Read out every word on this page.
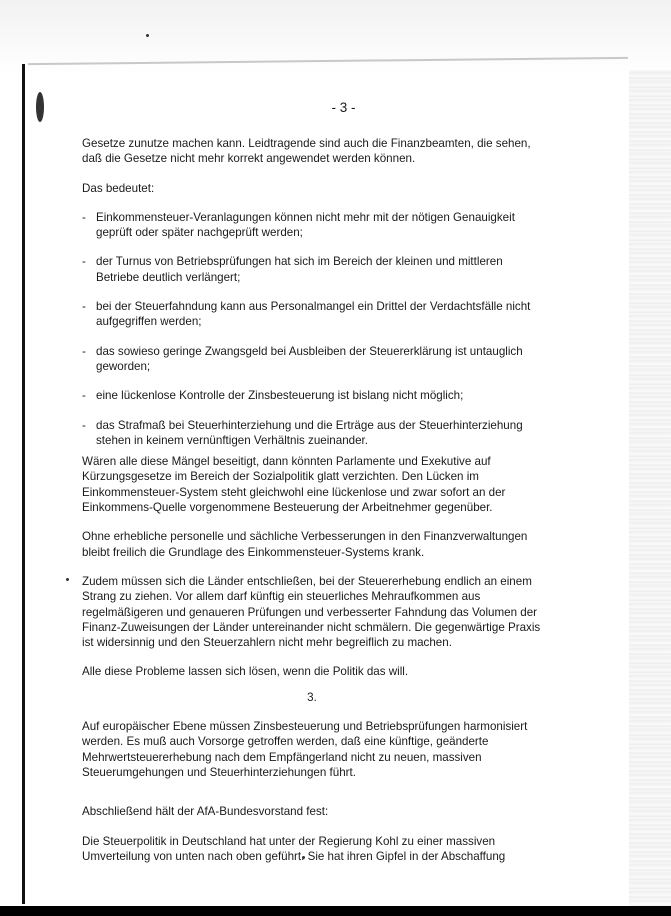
- 3 -

Gesetze zunutze machen kann. Leidtragende sind auch die Finanzbeamten, die sehen, daß die Gesetze nicht mehr korrekt angewendet werden können.

Das bedeutet:

- Einkommensteuer-Veranlagungen können nicht mehr mit der nötigen Genauigkeit geprüft oder später nachgeprüft werden;
- der Turnus von Betriebsprüfungen hat sich im Bereich der kleinen und mittleren Betriebe deutlich verlängert;
- bei der Steuerfahndung kann aus Personalmangel ein Drittel der Verdachtsfälle nicht aufgegriffen werden;
- das sowieso geringe Zwangsgeld bei Ausbleiben der Steuererklärung ist untauglich geworden;
- eine lückenlose Kontrolle der Zinsbesteuerung ist bislang nicht möglich;
- das Strafmaß bei Steuerhinterziehung und die Erträge aus der Steuerhinterziehung stehen in keinem vernünftigen Verhältnis zueinander.

Wären alle diese Mängel beseitigt, dann könnten Parlamente und Exekutive auf Kürzungsgesetze im Bereich der Sozialpolitik glatt verzichten. Den Lücken im Einkommensteuer-System steht gleichwohl eine lückenlose und zwar sofort an der Einkommens-Quelle vorgenommene Besteuerung der Arbeitnehmer gegenüber.

Ohne erhebliche personelle und sächliche Verbesserungen in den Finanzverwaltungen bleibt freilich die Grundlage des Einkommensteuer-Systems krank.

Zudem müssen sich die Länder entschließen, bei der Steuererhebung endlich an einem Strang zu ziehen. Vor allem darf künftig ein steuerliches Mehraufkommen aus regelmäßigeren und genaueren Prüfungen und verbesserter Fahndung das Volumen der Finanz-Zuweisungen der Länder untereinander nicht schmälern. Die gegenwärtige Praxis ist widersinnig und den Steuerzahlern nicht mehr begreiflich zu machen.

Alle diese Probleme lassen sich lösen, wenn die Politik das will.

3.

Auf europäischer Ebene müssen Zinsbesteuerung und Betriebsprüfungen harmonisiert werden. Es muß auch Vorsorge getroffen werden, daß eine künftige, geänderte Mehrwertsteuererhebung nach dem Empfängerland nicht zu neuen, massiven Steuerumgehungen und Steuerhinterziehungen führt.

Abschließend hält der AfA-Bundesvorstand fest:

Die Steuerpolitik in Deutschland hat unter der Regierung Kohl zu einer massiven Umverteilung von unten nach oben geführt. Sie hat ihren Gipfel in der Abschaffung
